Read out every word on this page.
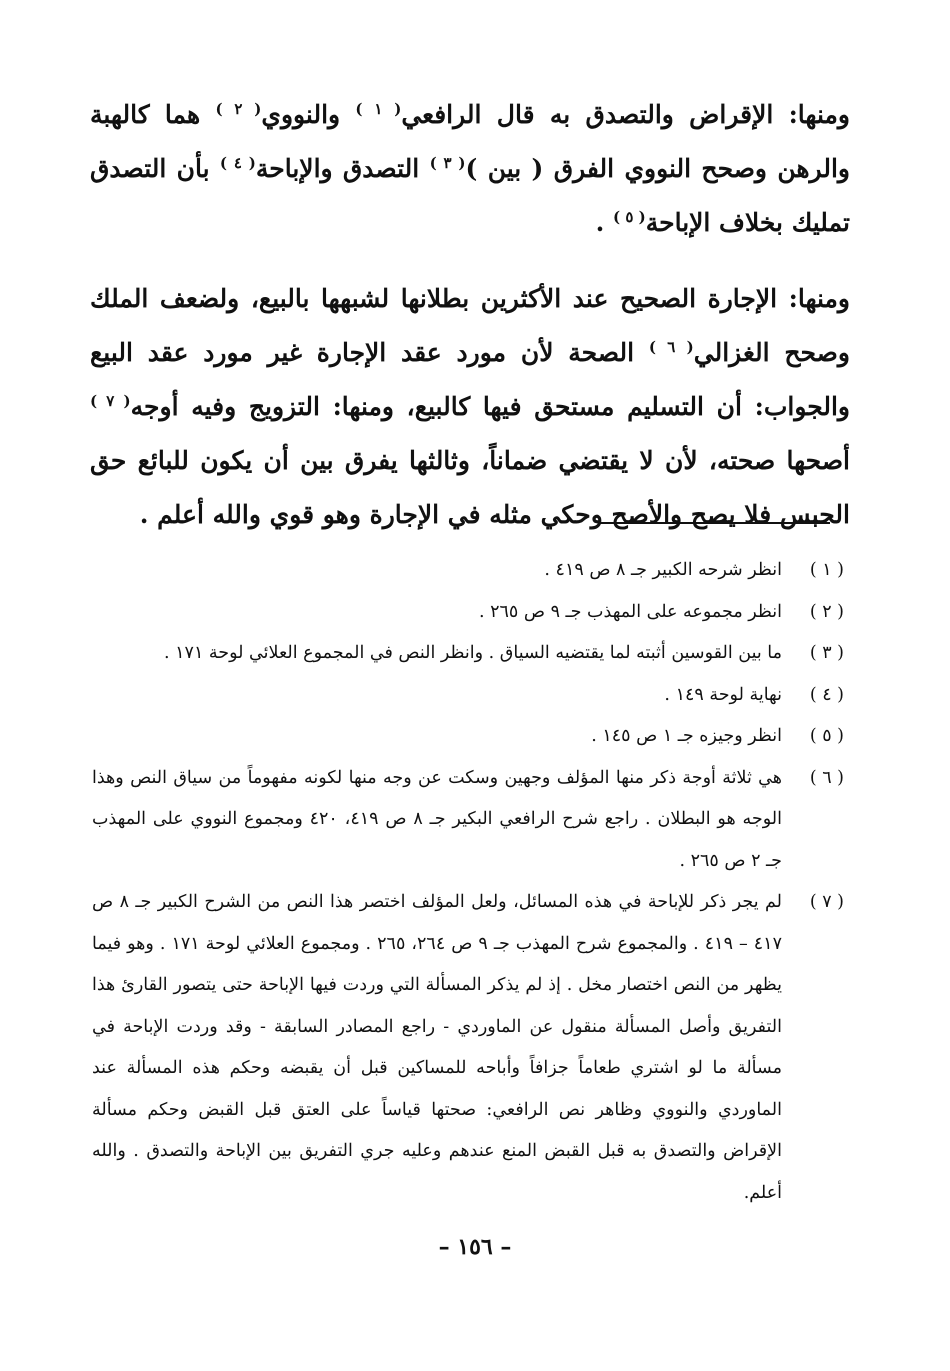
ومنها: الإقراض والتصدق به قال الرافعي$^{( ١ )}$ والنووي$^{( ٢ )}$ هما كالهبة والرهن وصحح النووي الفرق ( بين )$^{( ٣ )}$ التصدق والإباحة$^{( ٤ )}$ بأن التصدق تمليك بخلاف الإباحة$^{( ٥ )}$ .

ومنها: الإجارة الصحيح عند الأكثرين بطلانها لشبهها بالبيع، ولضعف الملك وصحح الغزالي$^{( ٦ )}$ الصحة لأن مورد عقد الإجارة غير مورد عقد البيع والجواب: أن التسليم مستحق فيها كالبيع، ومنها: التزويج وفيه أوجه$^{( ٧ )}$ أصحها صحته، لأن لا يقتضي ضماناً، وثالثها يفرق بين أن يكون للبائع حق الحبس فلا يصح والأصح وحكي مثله في الإجارة وهو قوي والله أعلم .

( ١ )
انظر شرحه الكبير جـ ٨ ص ٤١٩ .
( ٢ )
انظر مجموعه على المهذب جـ ٩ ص ٢٦٥ .
( ٣ )
ما بين القوسين أثبته لما يقتضيه السياق . وانظر النص في المجموع العلائي لوحة ١٧١ .
( ٤ )
نهاية لوحة ١٤٩ .
( ٥ )
انظر وجيزه جـ ١ ص ١٤٥ .
( ٦ )
هي ثلاثة أوجة ذكر منها المؤلف وجهين وسكت عن وجه منها لكونه مفهوماً من سياق النص وهذا الوجه هو البطلان . راجع شرح الرافعي البكير جـ ٨ ص ٤١٩، ٤٢٠ ومجموع النووي على المهذب جـ ٢ ص ٢٦٥ .
( ٧ )
لم يجر ذكر للإباحة في هذه المسائل، ولعل المؤلف اختصر هذا النص من الشرح الكبير جـ ٨ ص ٤١٧ – ٤١٩ . والمجموع شرح المهذب جـ ٩ ص ٢٦٤، ٢٦٥ . ومجموع العلائي لوحة ١٧١ . وهو فيما يظهر من النص اختصار مخل . إذ لم يذكر المسألة التي وردت فيها الإباحة حتى يتصور القارئ هذا التفريق وأصل المسألة منقول عن الماوردي - راجع المصادر السابقة - وقد وردت الإباحة في مسألة ما لو اشتري طعاماً جزافاً وأباحه للمساكين قبل أن يقبضه وحكم هذه المسألة عند الماوردي والنووي وظاهر نص الرافعي: صحتها قياساً على العتق قبل القبض وحكم مسألة الإقراض والتصدق به قبل القبض المنع عندهم وعليه جري التفريق بين الإباحة والتصدق . والله أعلم.
– ١٥٦ –
